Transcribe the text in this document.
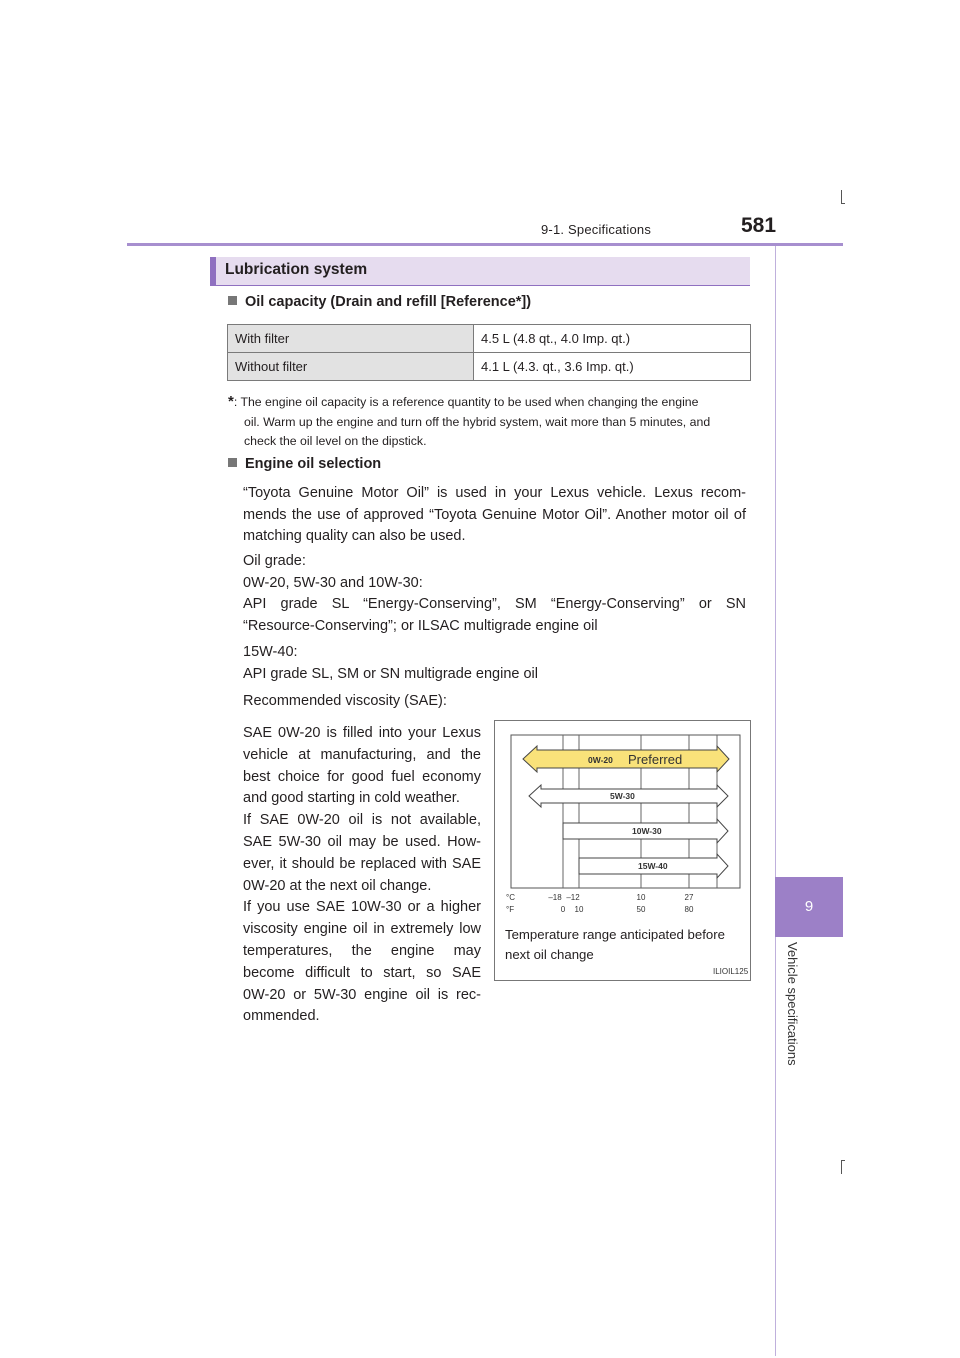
9-1. Specifications	581
9
Vehicle specifications
Lubrication system
Oil capacity (Drain and refill [Reference*])
With filter	4.5 L (4.8 qt., 4.0 Imp. qt.)
Without filter	4.1 L (4.3. qt., 3.6 Imp. qt.)
*: The engine oil capacity is a reference quantity to be used when changing the engine
oil. Warm up the engine and turn off the hybrid system, wait more than 5 minutes, and
check the oil level on the dipstick.
Engine oil selection
“Toyota Genuine Motor Oil” is used in your Lexus vehicle. Lexus recom-
mends the use of approved “Toyota Genuine Motor Oil”. Another motor oil of
matching quality can also be used.
Oil grade:
0W-20, 5W-30 and 10W-30:
API grade SL “Energy-Conserving”, SM “Energy-Conserving” or SN
“Resource-Conserving”; or ILSAC multigrade engine oil
15W-40:
API grade SL, SM or SN multigrade engine oil
Recommended viscosity (SAE):
SAE 0W-20 is filled into your Lexus
vehicle at manufacturing, and the
best choice for good fuel economy
and good starting in cold weather.
If SAE 0W-20 oil is not available,
SAE 5W-30 oil may be used. How-
ever, it should be replaced with SAE
0W-20 at the next oil change.
If you use SAE 10W-30 or a higher
viscosity engine oil in extremely low
temperatures, the engine may
become difficult to start, so SAE
0W-20 or 5W-30 engine oil is rec-
ommended.
0W-20 Preferred
5W-30
10W-30
15W-40
°C
°F
–18 –12	10	27
0 10	50	80
Temperature range anticipated before
next oil change
ILIOIL125
